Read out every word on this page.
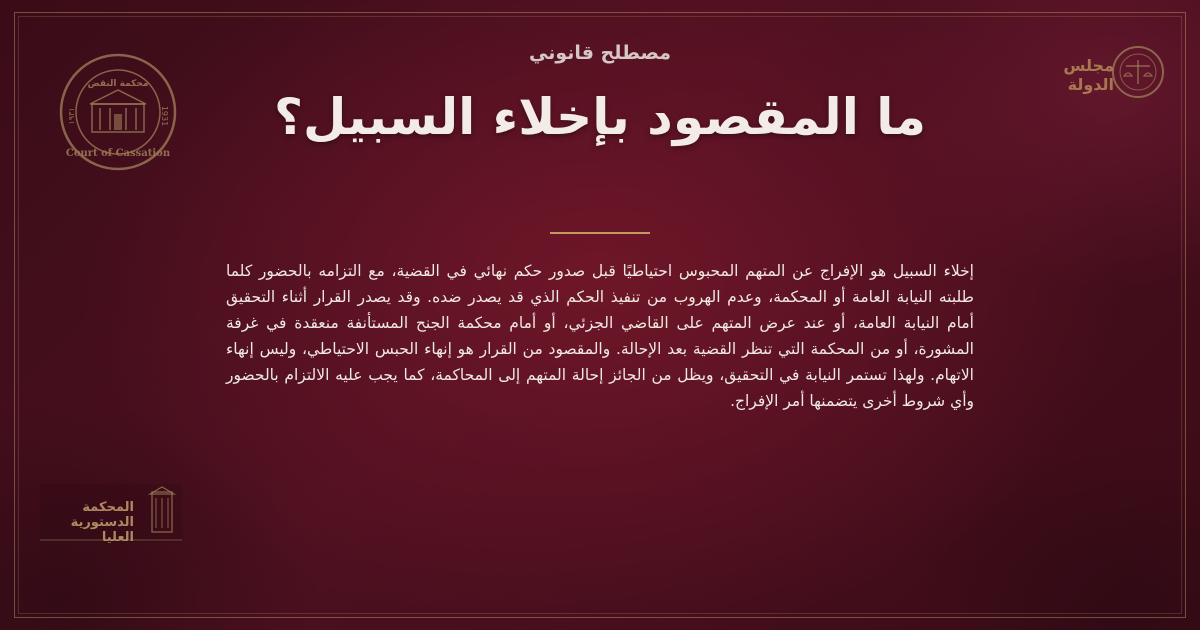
محكمة النقض
Court of Cassation
١٩٣١	1931
مجلس الدولة
المحكمة الدستورية العليا
مصطلح قانوني
ما المقصود بإخلاء السبيل؟
إخلاء السبيل هو الإفراج عن المتهم المحبوس احتياطيًا قبل صدور حكم نهائي في القضية، مع التزامه بالحضور كلما طلبته النيابة العامة أو المحكمة، وعدم الهروب من تنفيذ الحكم الذي قد يصدر ضده. وقد يصدر القرار أثناء التحقيق أمام النيابة العامة، أو عند عرض المتهم على القاضي الجزئي، أو أمام محكمة الجنح المستأنفة منعقدة في غرفة المشورة، أو من المحكمة التي تنظر القضية بعد الإحالة. والمقصود من القرار هو إنهاء الحبس الاحتياطي، وليس إنهاء الاتهام. ولهذا تستمر النيابة في التحقيق، ويظل من الجائز إحالة المتهم إلى المحاكمة، كما يجب عليه الالتزام بالحضور وأي شروط أخرى يتضمنها أمر الإفراج.
